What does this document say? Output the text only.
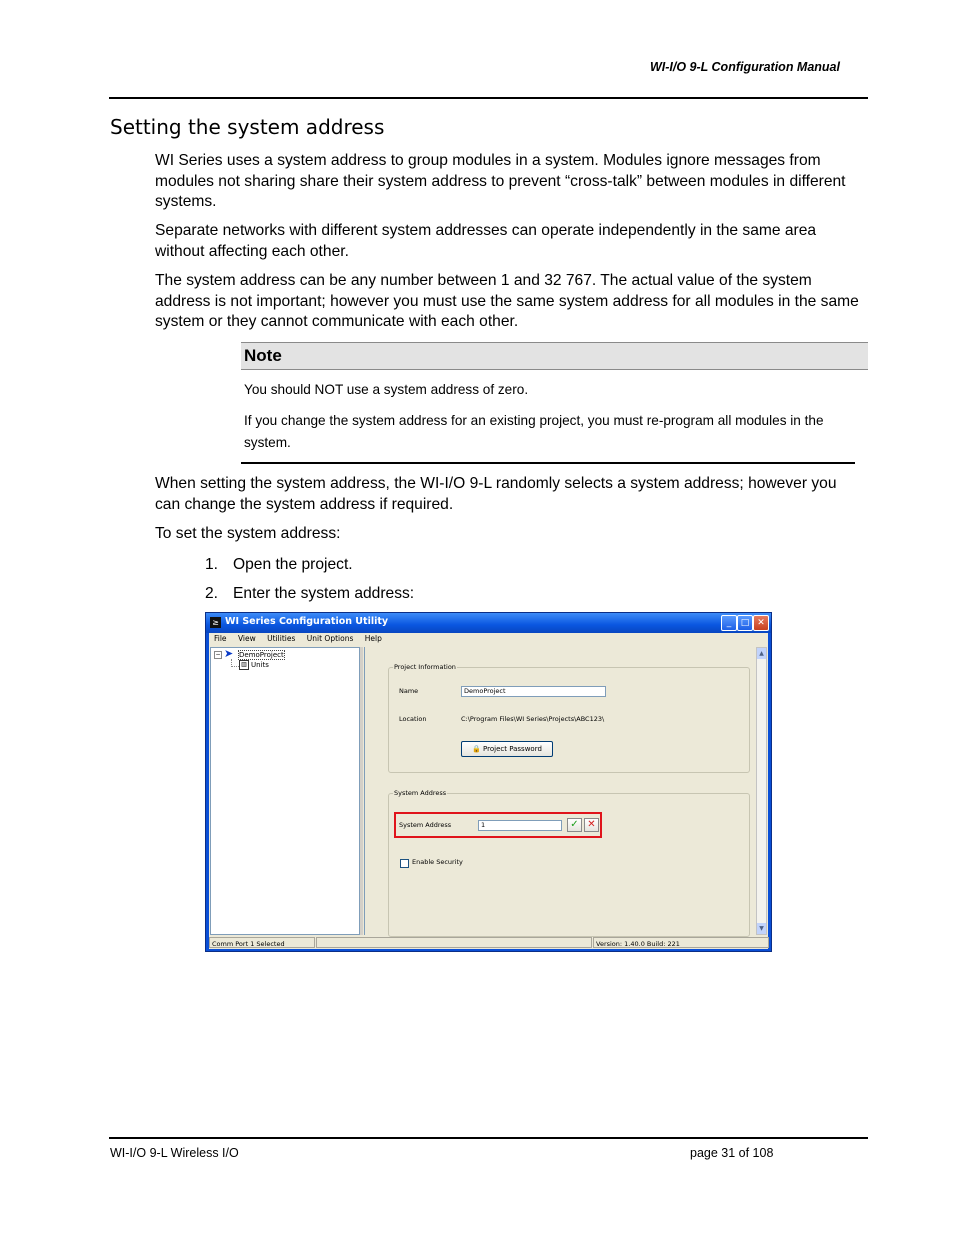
WI-I/O 9-L Configuration Manual
Setting the system address

WI Series uses a system address to group modules in a system. Modules ignore messages from modules not sharing share their system address to prevent “cross-talk” between modules in different systems.

Separate networks with different system addresses can operate independently in the same area without affecting each other.

The system address can be any number between 1 and 32 767. The actual value of the system address is not important; however you must use the same system address for all modules in the same system or they cannot communicate with each other.

Note

You should NOT use a system address of zero.

If you change the system address for an existing project, you must re-program all modules in the system.

When setting the system address, the WI-I/O 9-L randomly selects a system address; however you can change the system address if required.

To set the system address:

1. Open the project.
2. Enter the system address:
≥ WI Series Configuration Utility	_	□ ✕
File View Utilities Unit Options Help
− ➤ DemoProject
▥ Units	Project Information
Name	DemoProject
Location	C:\Program Files\WI Series\Projects\ABC123\
🔒 Project Password
System Address
System Address	1	✓ ✕
Enable Security
▲
▼
Comm Port 1 Selected	Version: 1.40.0 Build: 221
WI-I/O 9-L Wireless I/O	page 31 of 108
